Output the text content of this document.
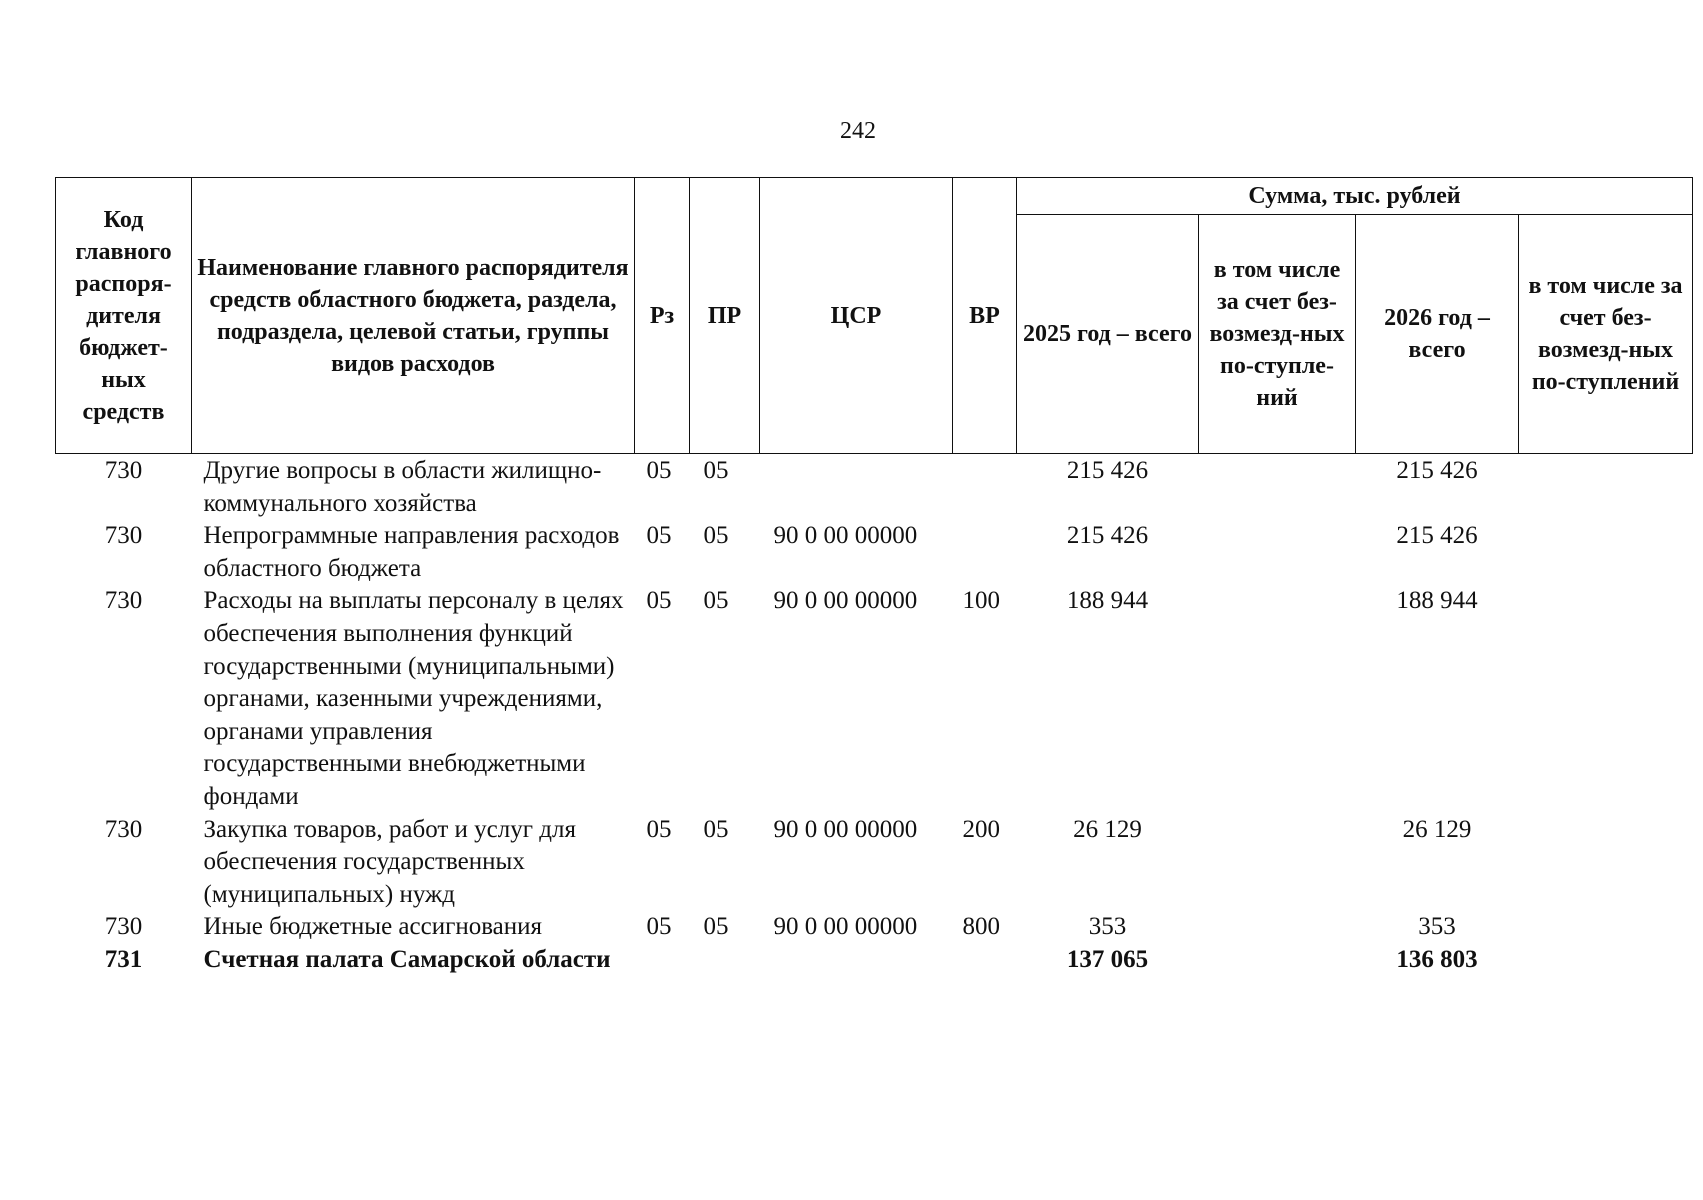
242
Код главного распоря-дителя бюджет-ных средств	Наименование главного распорядителя средств областного бюджета, раздела, подраздела, целевой статьи, группы видов расходов	Рз	ПР	ЦСР	ВР	Сумма, тыс. рублей			
						2025 год – всего	в том числе за счет без-возмезд-ных по-ступле-ний	2026 год – всего	в том числе за счет без-возмезд-ных по-ступлений
730	Другие вопросы в области жилищно-коммунального хозяйства	05	05			215 426		215 426	
730	Непрограммные направления расходов областного бюджета	05	05	90 0 00 00000		215 426		215 426	
730	Расходы на выплаты персоналу в целях обеспечения выполнения функций государственными (муниципальными) органами, казенными учреждениями, органами управления государственными внебюджетными фондами	05	05	90 0 00 00000	100	188 944		188 944	
730	Закупка товаров, работ и услуг для обеспечения государственных (муниципальных) нужд	05	05	90 0 00 00000	200	26 129		26 129	
730	Иные бюджетные ассигнования	05	05	90 0 00 00000	800	353		353	
731	Счетная палата Самарской области					137 065		136 803	
